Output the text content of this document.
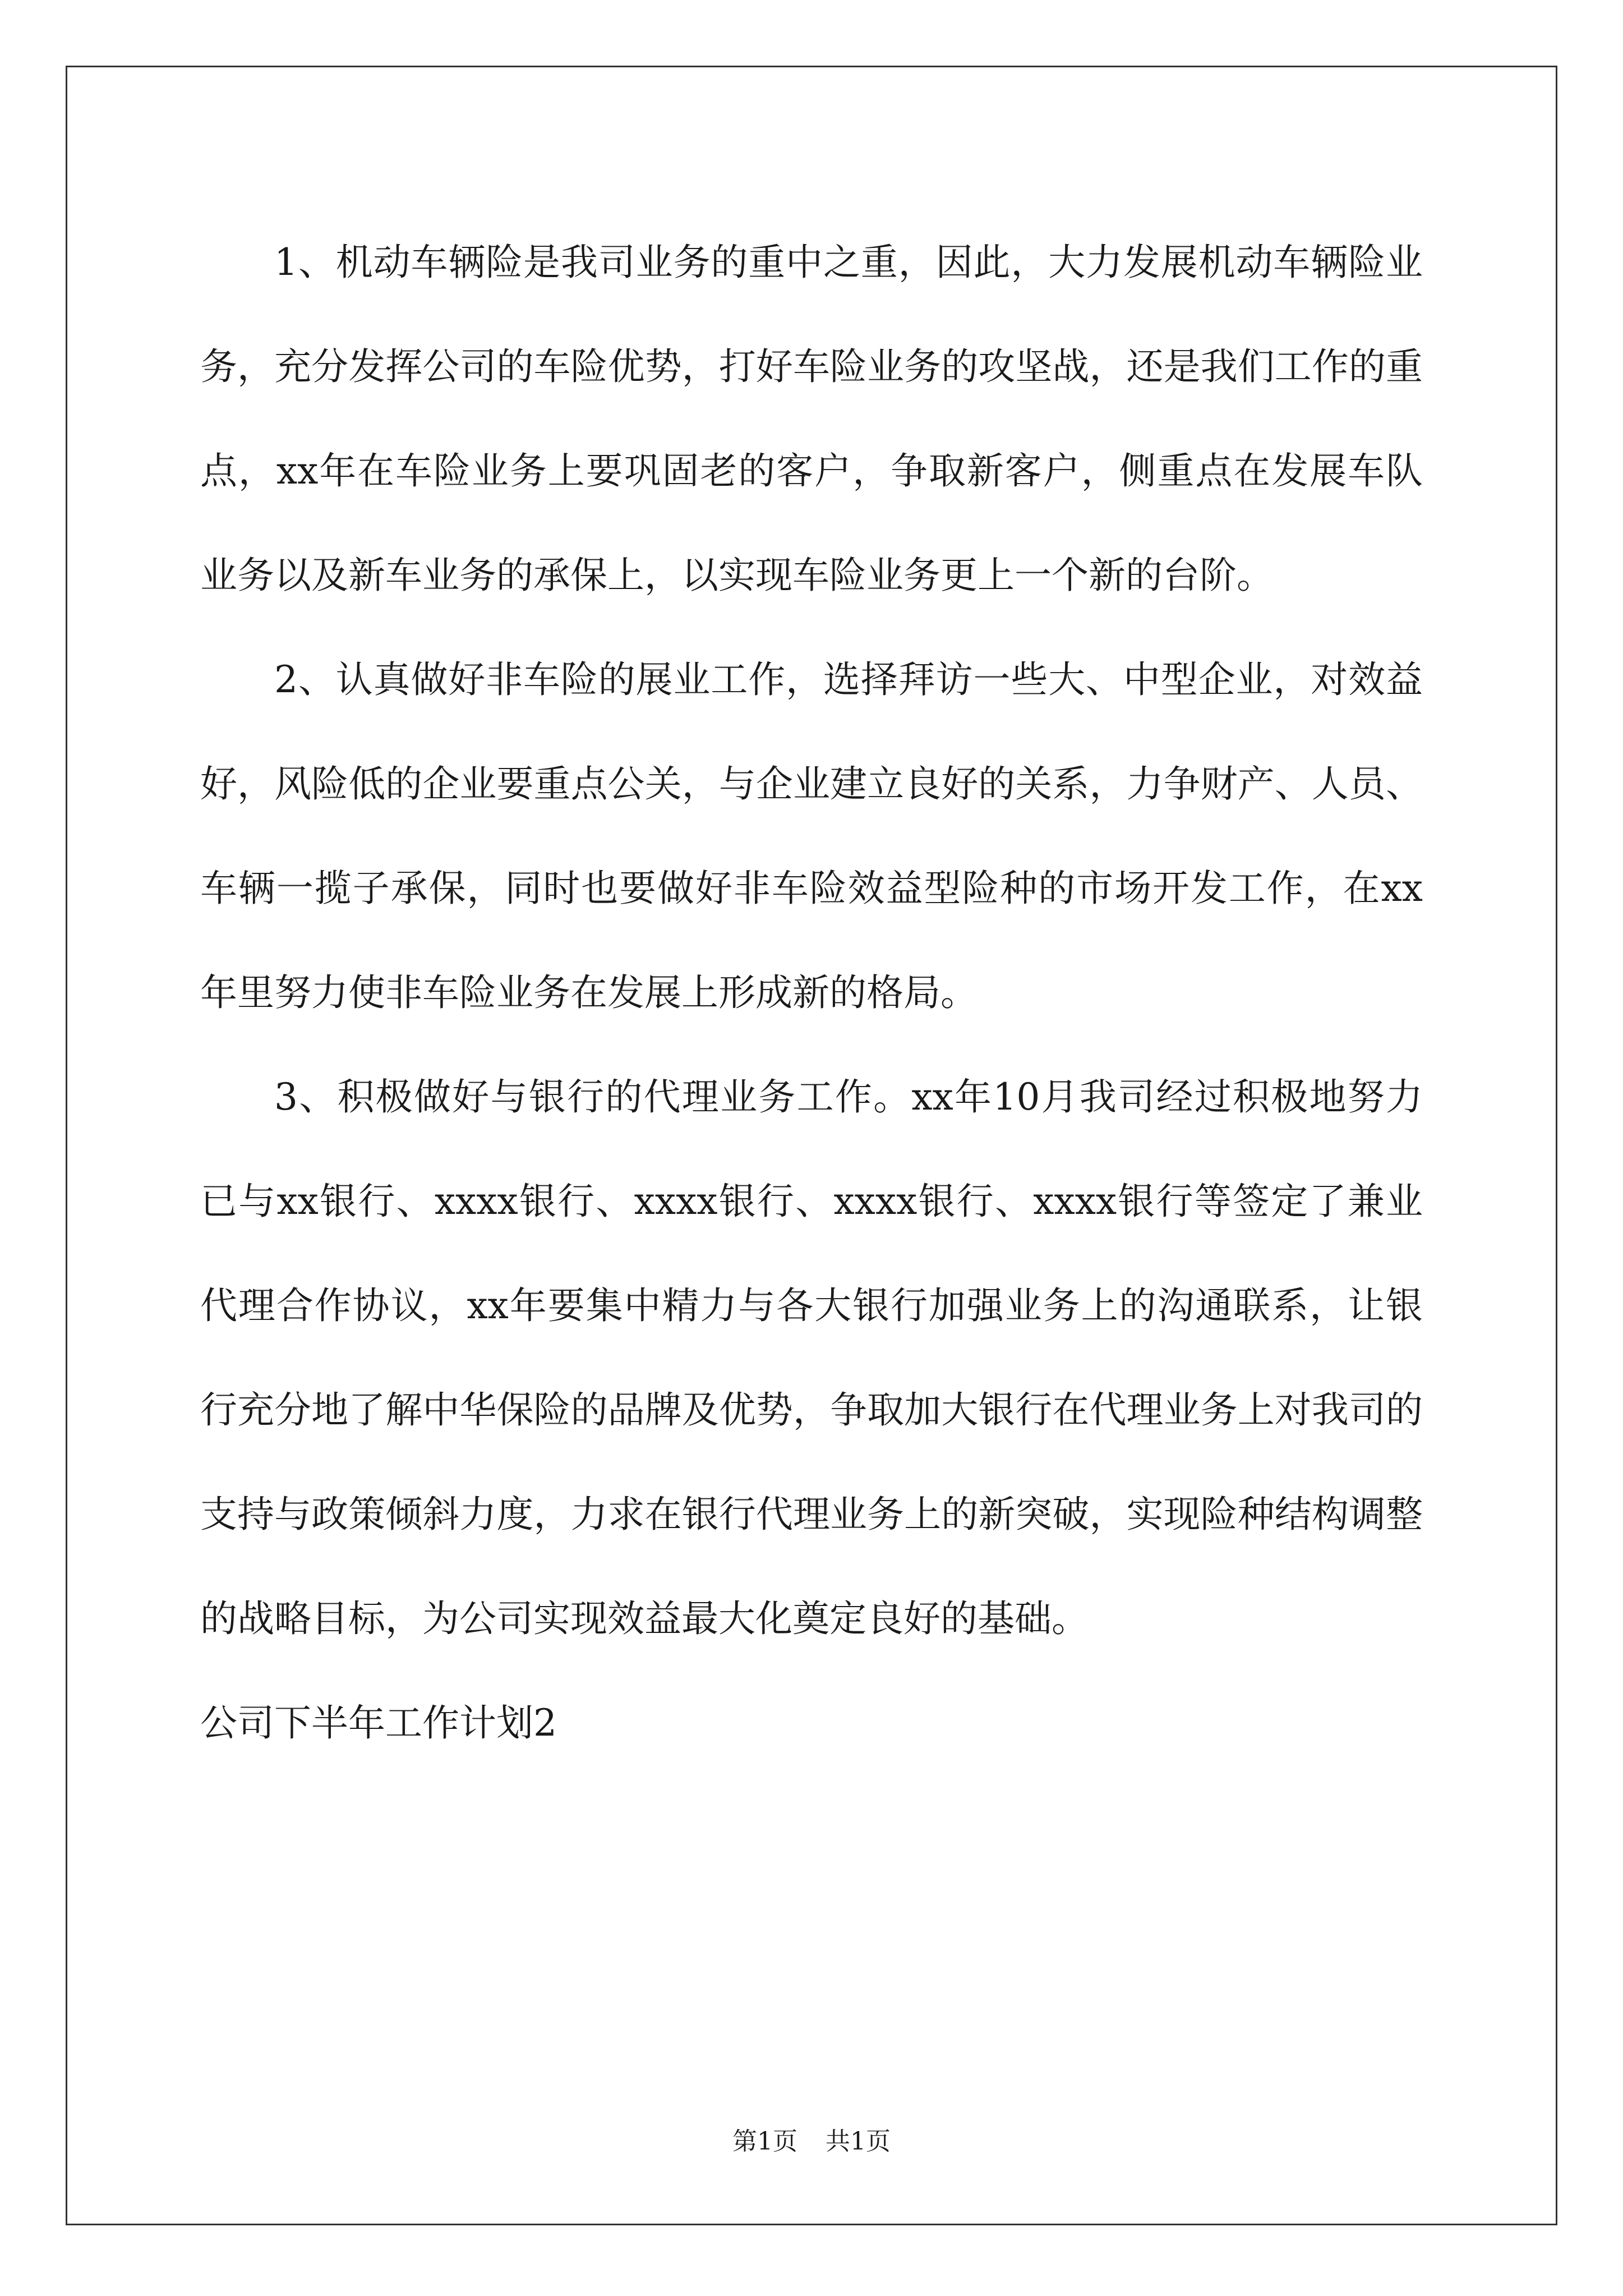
1、机动车辆险是我司业务的重中之重，因此，大力发展机动车辆险业务，充分发挥公司的车险优势，打好车险业务的攻坚战，还是我们工作的重点，xx年在车险业务上要巩固老的客户，争取新客户，侧重点在发展车队业务以及新车业务的承保上，以实现车险业务更上一个新的台阶。

2、认真做好非车险的展业工作，选择拜访一些大、中型企业，对效益好，风险低的企业要重点公关，与企业建立良好的关系，力争财产、人员、车辆一揽子承保，同时也要做好非车险效益型险种的市场开发工作，在xx年里努力使非车险业务在发展上形成新的格局。

3、积极做好与银行的代理业务工作。xx年10月我司经过积极地努力已与xx银行、xxxx银行、xxxx银行、xxxx银行、xxxx银行等签定了兼业代理合作协议，xx年要集中精力与各大银行加强业务上的沟通联系，让银行充分地了解中华保险的品牌及优势，争取加大银行在代理业务上对我司的支持与政策倾斜力度，力求在银行代理业务上的新突破，实现险种结构调整的战略目标，为公司实现效益最大化奠定良好的基础。

公司下半年工作计划2

第1页 共1页
